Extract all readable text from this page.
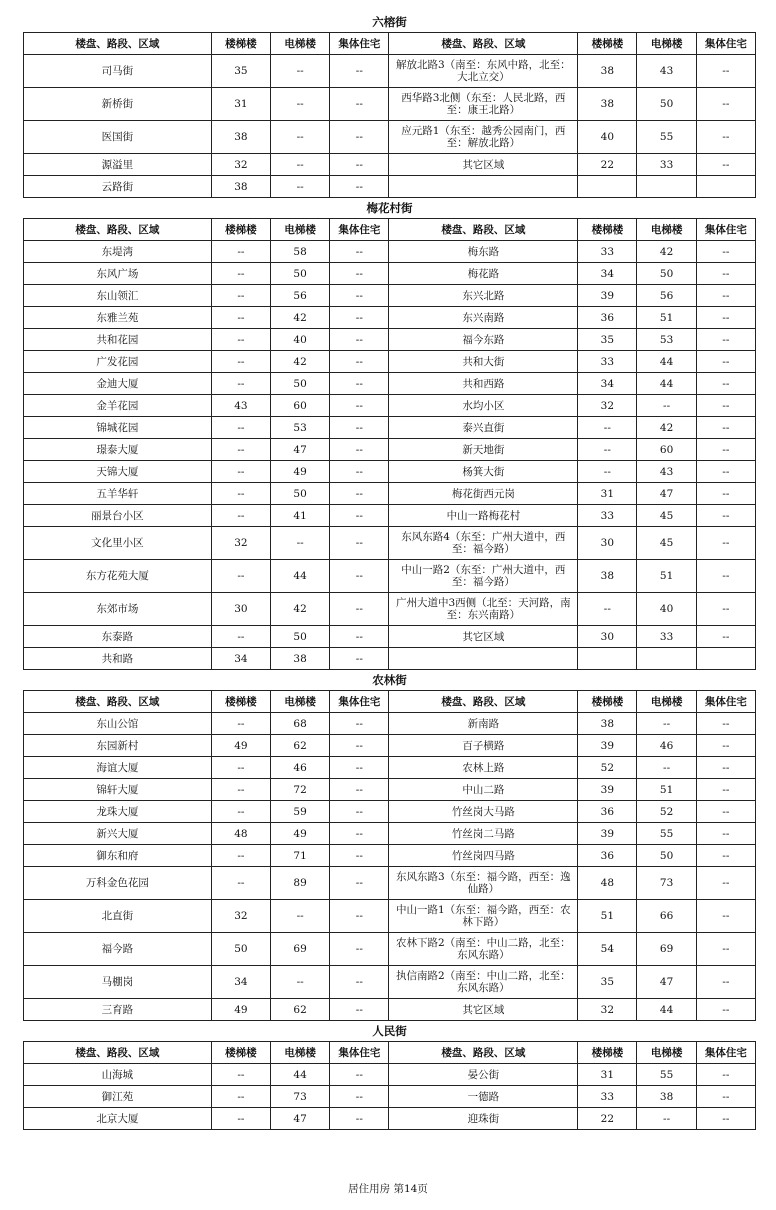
六榕街
楼盘、路段、区域	楼梯楼	电梯楼	集体住宅	楼盘、路段、区域	楼梯楼	电梯楼	集体住宅
司马街	35	--	--	解放北路3（南至：东风中路，北至：大北立交）	38	43	--
新桥街	31	--	--	西华路3北侧（东至：人民北路，西至：康王北路）	38	50	--
医国街	38	--	--	应元路1（东至：越秀公园南门，西至：解放北路）	40	55	--
源溢里	32	--	--	其它区域	22	33	--
云路街	38	--	--				
梅花村街
楼盘、路段、区域	楼梯楼	电梯楼	集体住宅	楼盘、路段、区域	楼梯楼	电梯楼	集体住宅
东堤湾	--	58	--	梅东路	33	42	--
东风广场	--	50	--	梅花路	34	50	--
东山领汇	--	56	--	东兴北路	39	56	--
东雅兰苑	--	42	--	东兴南路	36	51	--
共和花园	--	40	--	福今东路	35	53	--
广发花园	--	42	--	共和大街	33	44	--
金迪大厦	--	50	--	共和西路	34	44	--
金羊花园	43	60	--	水均小区	32	--	--
锦城花园	--	53	--	泰兴直街	--	42	--
璟泰大厦	--	47	--	新天地街	--	60	--
天锦大厦	--	49	--	杨箕大街	--	43	--
五羊华轩	--	50	--	梅花街西元岗	31	47	--
丽景台小区	--	41	--	中山一路梅花村	33	45	--
文化里小区	32	--	--	东风东路4（东至：广州大道中，西至：福今路）	30	45	--
东方花苑大厦	--	44	--	中山一路2（东至：广州大道中，西至：福今路）	38	51	--
东郊市场	30	42	--	广州大道中3西侧（北至：天河路，南至：东兴南路）	--	40	--
东泰路	--	50	--	其它区域	30	33	--
共和路	34	38	--				
农林街
楼盘、路段、区域	楼梯楼	电梯楼	集体住宅	楼盘、路段、区域	楼梯楼	电梯楼	集体住宅
东山公馆	--	68	--	新南路	38	--	--
东园新村	49	62	--	百子横路	39	46	--
海谊大厦	--	46	--	农林上路	52	--	--
锦轩大厦	--	72	--	中山二路	39	51	--
龙珠大厦	--	59	--	竹丝岗大马路	36	52	--
新兴大厦	48	49	--	竹丝岗二马路	39	55	--
御东和府	--	71	--	竹丝岗四马路	36	50	--
万科金色花园	--	89	--	东风东路3（东至：福今路，西至：逸仙路）	48	73	--
北直街	32	--	--	中山一路1（东至：福今路，西至：农林下路）	51	66	--
福今路	50	69	--	农林下路2（南至：中山二路，北至：东风东路）	54	69	--
马棚岗	34	--	--	执信南路2（南至：中山二路，北至：东风东路）	35	47	--
三育路	49	62	--	其它区域	32	44	--
人民街
楼盘、路段、区域	楼梯楼	电梯楼	集体住宅	楼盘、路段、区域	楼梯楼	电梯楼	集体住宅
山海城	--	44	--	晏公街	31	55	--
御江苑	--	73	--	一德路	33	38	--
北京大厦	--	47	--	迎珠街	22	--	--
居住用房 第14页
